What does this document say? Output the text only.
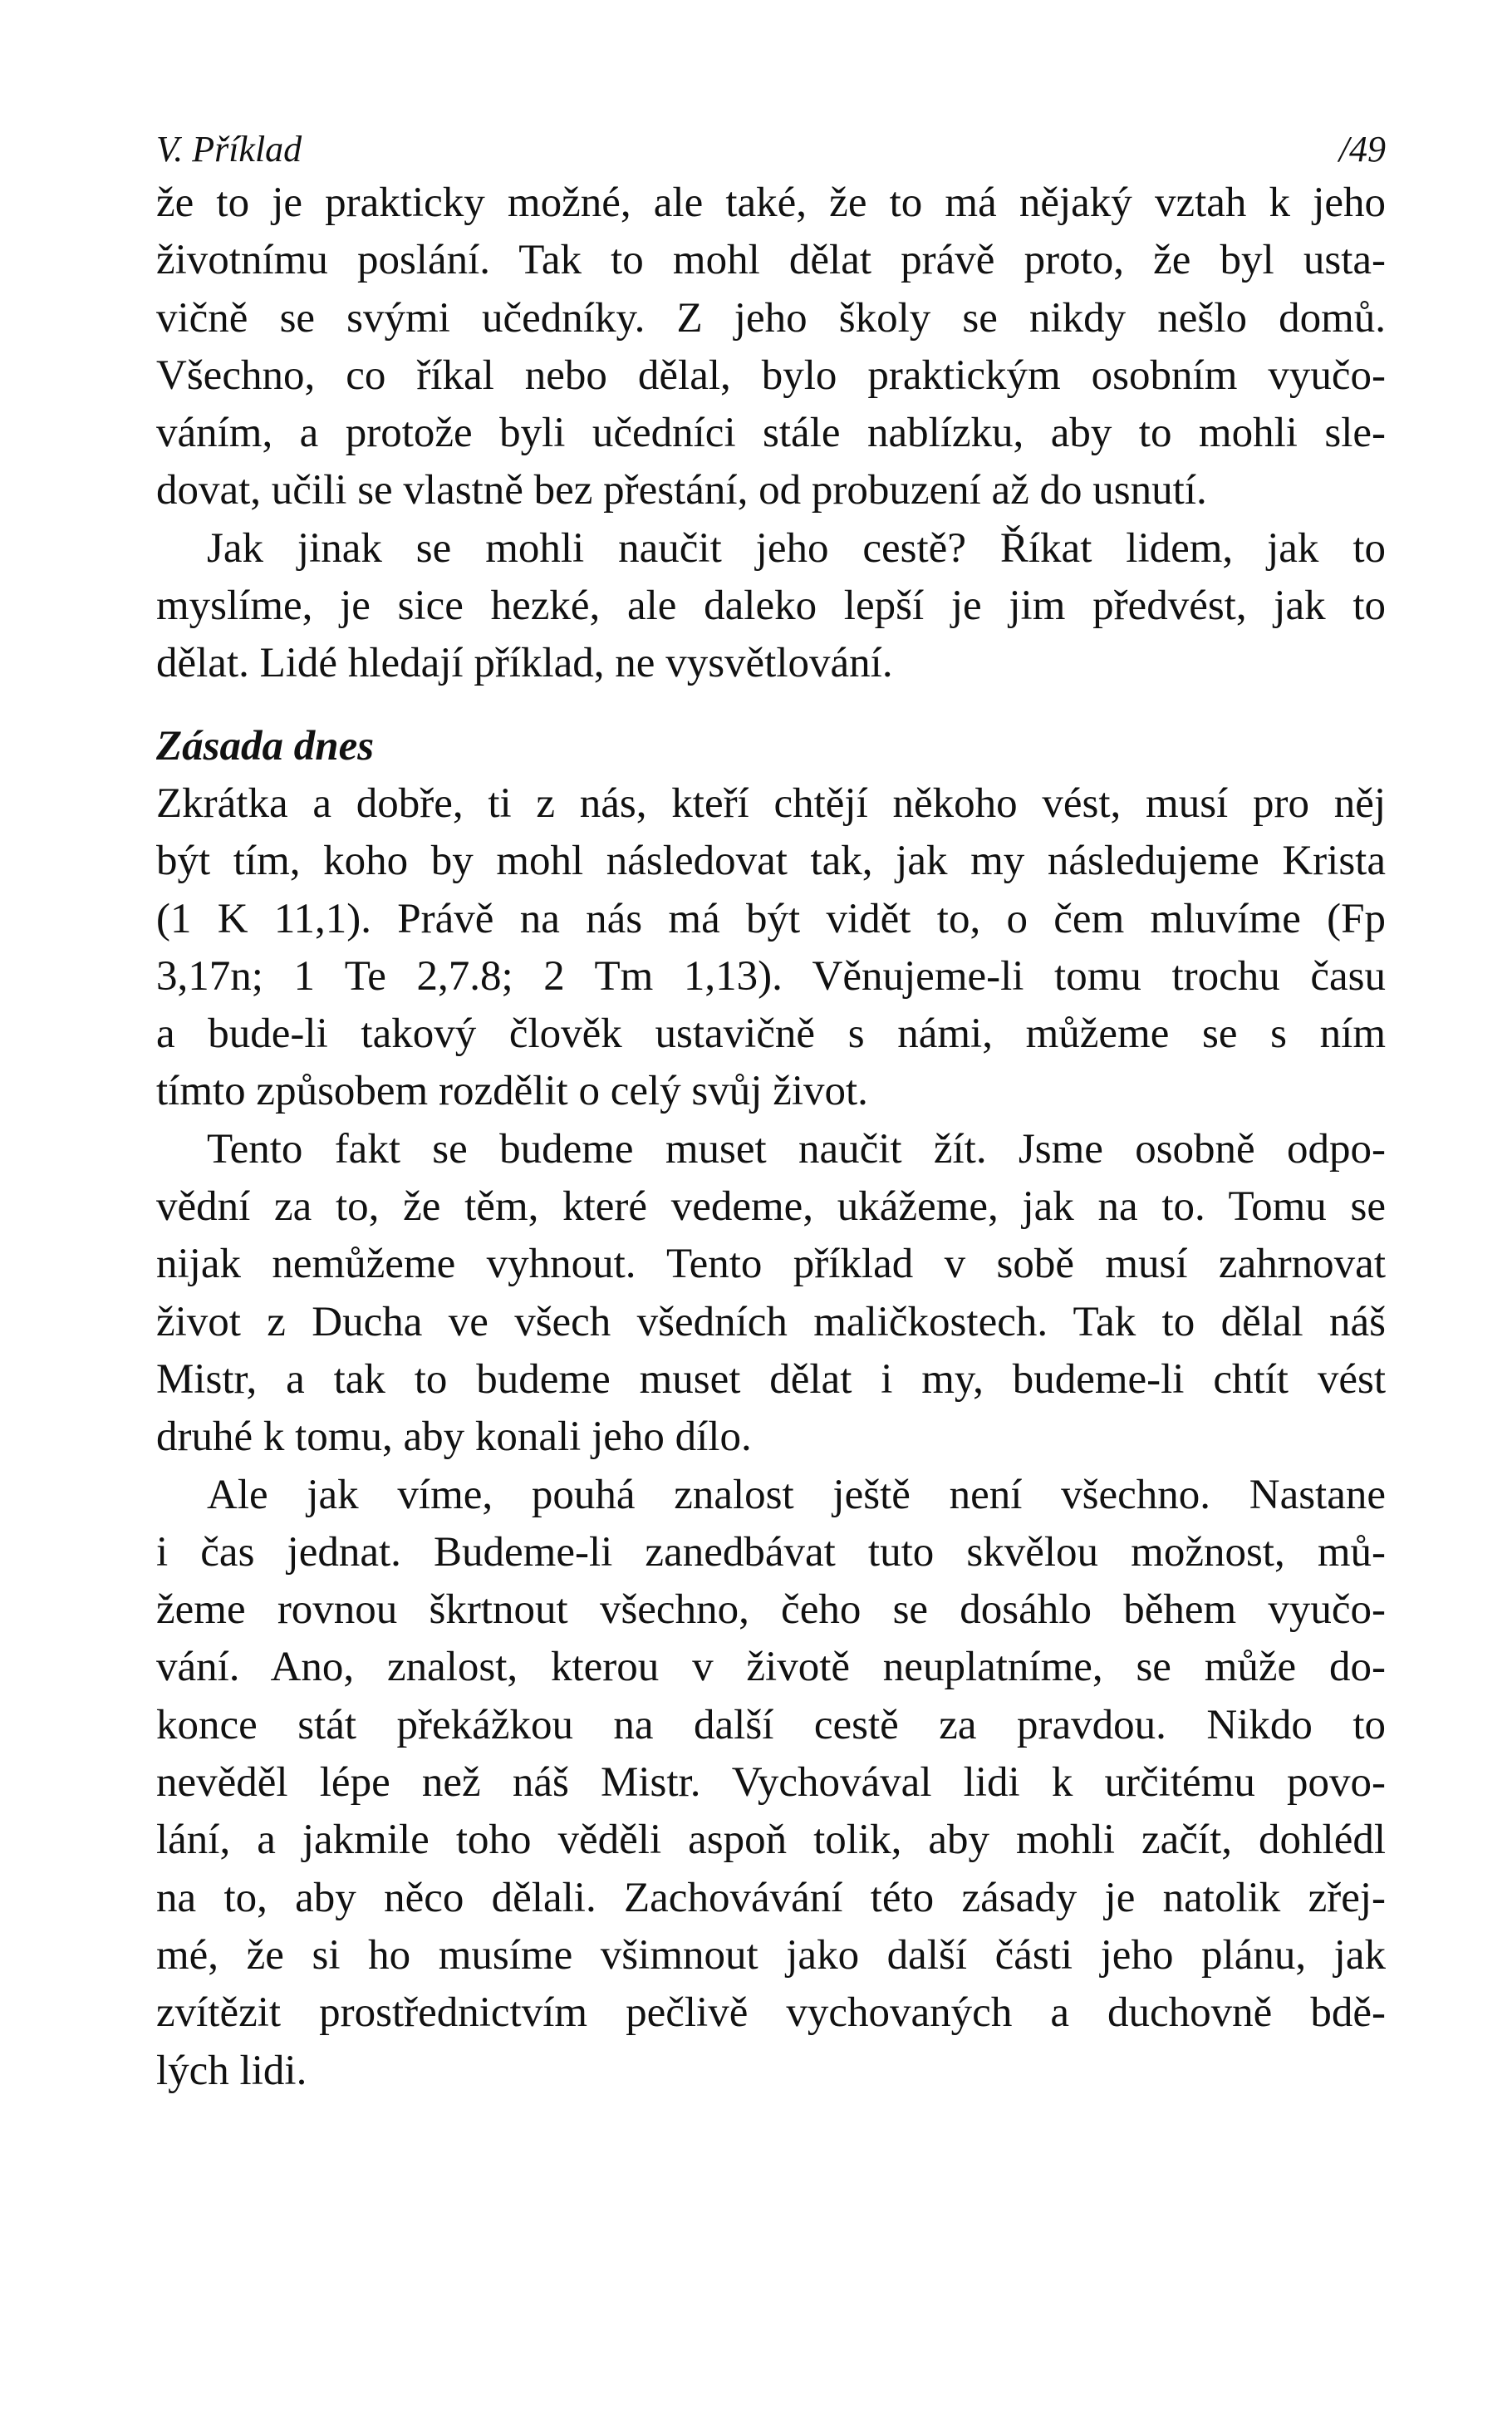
V. Příklad	/49
že to je prakticky možné, ale také, že to má nějaký vztah k jeho
životnímu poslání. Tak to mohl dělat právě proto, že byl usta-
vičně se svými učedníky. Z jeho školy se nikdy nešlo domů.
Všechno, co říkal nebo dělal, bylo praktickým osobním vyučo-
váním, a protože byli učedníci stále nablízku, aby to mohli sle-
dovat, učili se vlastně bez přestání, od probuzení až do usnutí.
Jak jinak se mohli naučit jeho cestě? Říkat lidem, jak to
myslíme, je sice hezké, ale daleko lepší je jim předvést, jak to
dělat. Lidé hledají příklad, ne vysvětlování.
Zásada dnes
Zkrátka a dobře, ti z nás, kteří chtějí někoho vést, musí pro něj
být tím, koho by mohl následovat tak, jak my následujeme Krista
(1 K 11,1). Právě na nás má být vidět to, o čem mluvíme (Fp
3,17n; 1 Te 2,7.8; 2 Tm 1,13). Věnujeme-li tomu trochu času
a bude-li takový člověk ustavičně s námi, můžeme se s ním
tímto způsobem rozdělit o celý svůj život.
Tento fakt se budeme muset naučit žít. Jsme osobně odpo-
vědní za to, že těm, které vedeme, ukážeme, jak na to. Tomu se
nijak nemůžeme vyhnout. Tento příklad v sobě musí zahrnovat
život z Ducha ve všech všedních maličkostech. Tak to dělal náš
Mistr, a tak to budeme muset dělat i my, budeme-li chtít vést
druhé k tomu, aby konali jeho dílo.
Ale jak víme, pouhá znalost ještě není všechno. Nastane
i čas jednat. Budeme-li zanedbávat tuto skvělou možnost, mů-
žeme rovnou škrtnout všechno, čeho se dosáhlo během vyučo-
vání. Ano, znalost, kterou v životě neuplatníme, se může do-
konce stát překážkou na další cestě za pravdou. Nikdo to
nevěděl lépe než náš Mistr. Vychovával lidi k určitému povo-
lání, a jakmile toho věděli aspoň tolik, aby mohli začít, dohlédl
na to, aby něco dělali. Zachovávání této zásady je natolik zřej-
mé, že si ho musíme všimnout jako další části jeho plánu, jak
zvítězit prostřednictvím pečlivě vychovaných a duchovně bdě-
lých lidi.
